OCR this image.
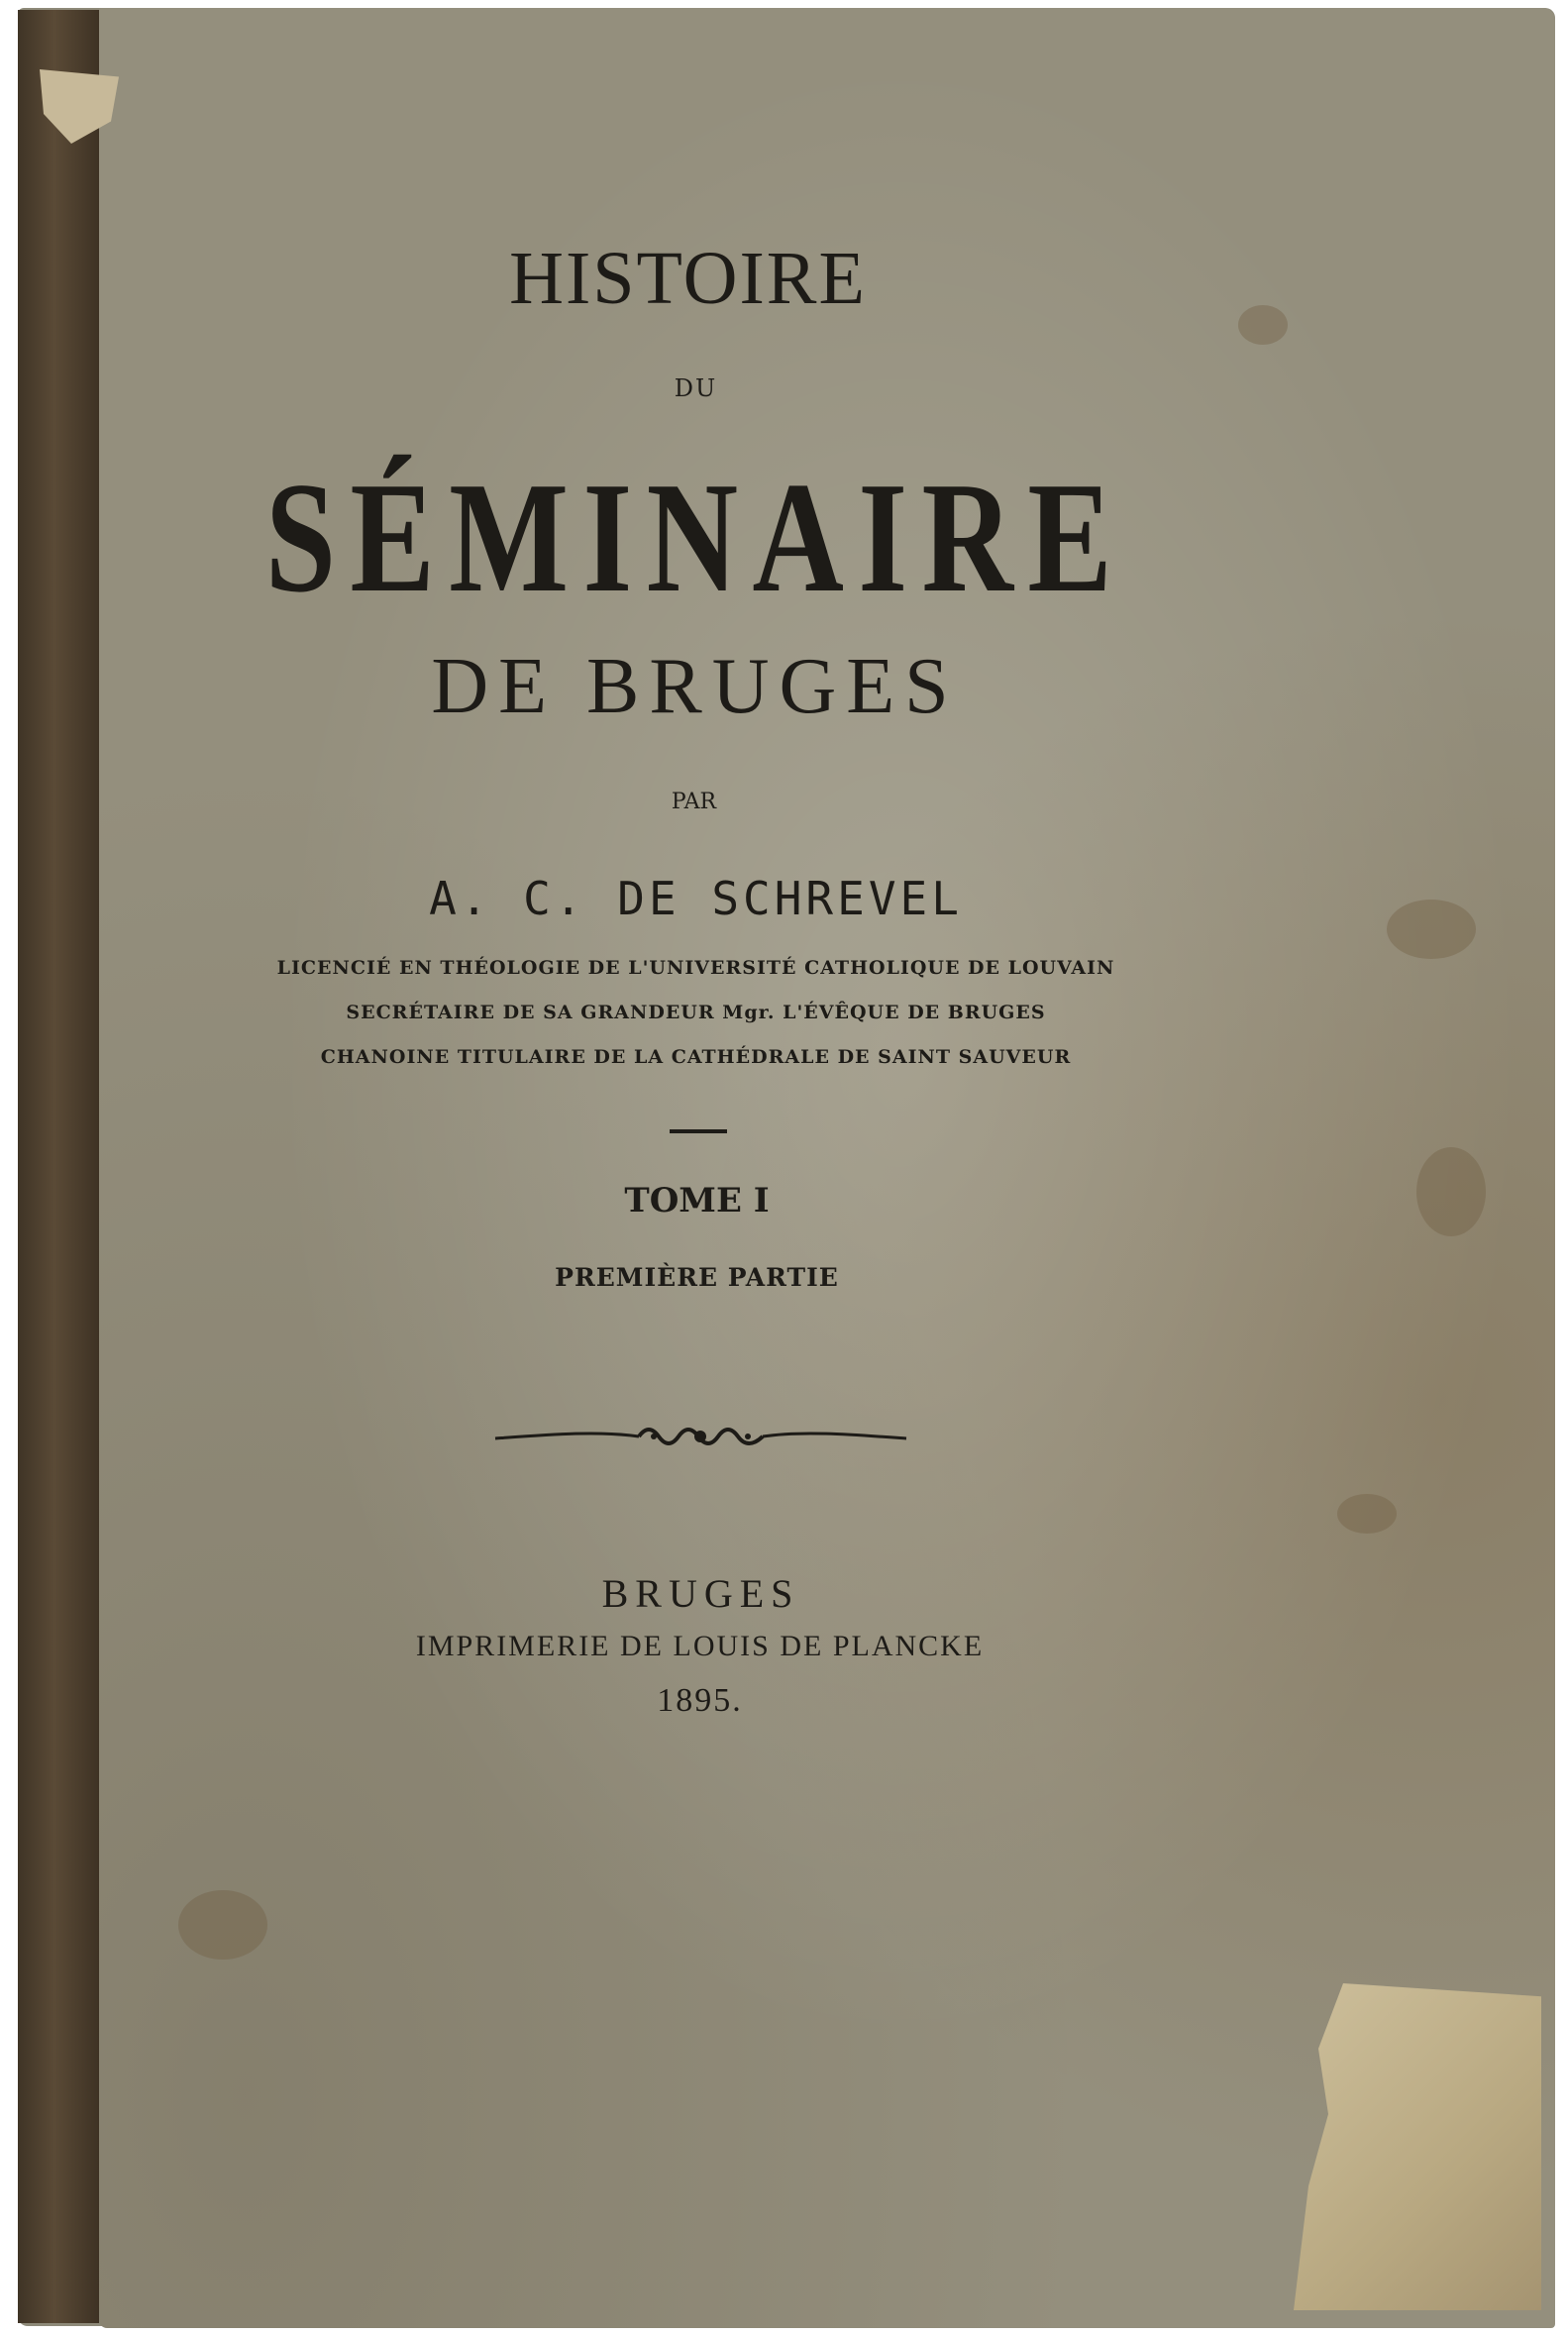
HISTOIRE

DU

SÉMINAIRE

DE BRUGES

PAR

A. C. DE SCHREVEL

LICENCIÉ EN THÉOLOGIE DE L'UNIVERSITÉ CATHOLIQUE DE LOUVAIN

SECRÉTAIRE DE SA GRANDEUR Mgr. L'ÉVÊQUE DE BRUGES

CHANOINE TITULAIRE DE LA CATHÉDRALE DE SAINT SAUVEUR

TOME I

PREMIÈRE PARTIE

BRUGES

IMPRIMERIE DE LOUIS DE PLANCKE

1895.
